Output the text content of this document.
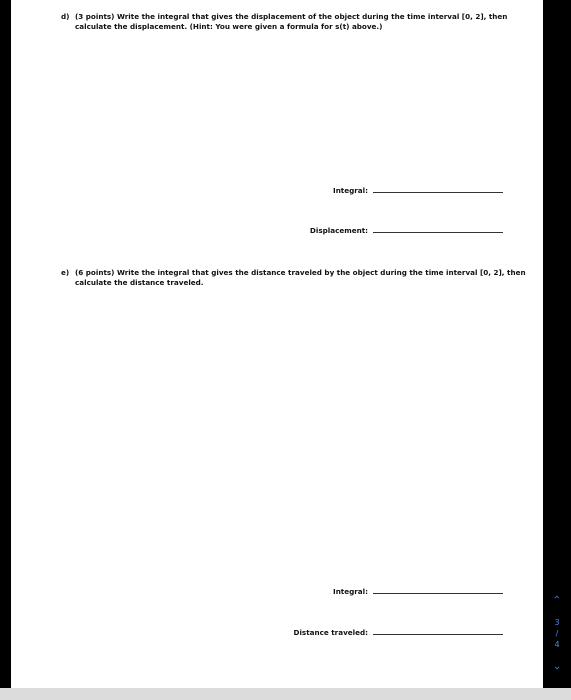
d) (3 points) Write the integral that gives the displacement of the object during the time interval [0, 2], then calculate the displacement. (Hint: You were given a formula for s(t) above.)
Integral:
Displacement:
e) (6 points) Write the integral that gives the distance traveled by the object during the time interval [0, 2], then calculate the distance traveled.
Integral:
Distance traveled:
›
3
/
4
›
